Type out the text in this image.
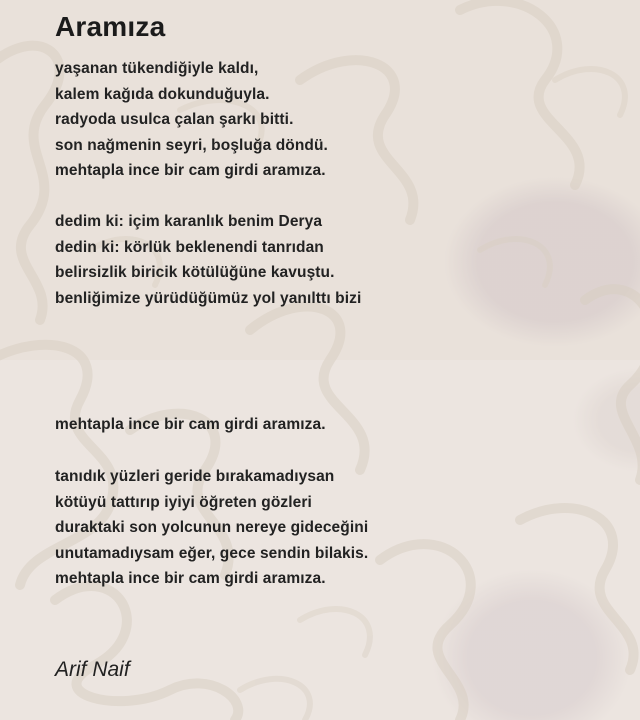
Aramıza
yaşanan tükendiğiyle kaldı,
kalem kağıda dokunduğuyla.
radyoda usulca çalan şarkı bitti.
son nağmenin seyri, boşluğa döndü.
mehtapla ince bir cam girdi aramıza.
dedim ki: içim karanlık benim Derya
dedin ki: körlük beklenendi tanrıdan
belirsizlik biricik kötülüğüne kavuştu.
benliğimize yürüdüğümüz yol yanılttı bizi
mehtapla ince bir cam girdi aramıza.
tanıdık yüzleri geride bırakamadıysan
kötüyü tattırıp iyiyi öğreten gözleri
duraktaki son yolcunun nereye gideceğini
unutamadıysam eğer, gece sendin bilakis.
mehtapla ince bir cam girdi aramıza.
Arif Naif
